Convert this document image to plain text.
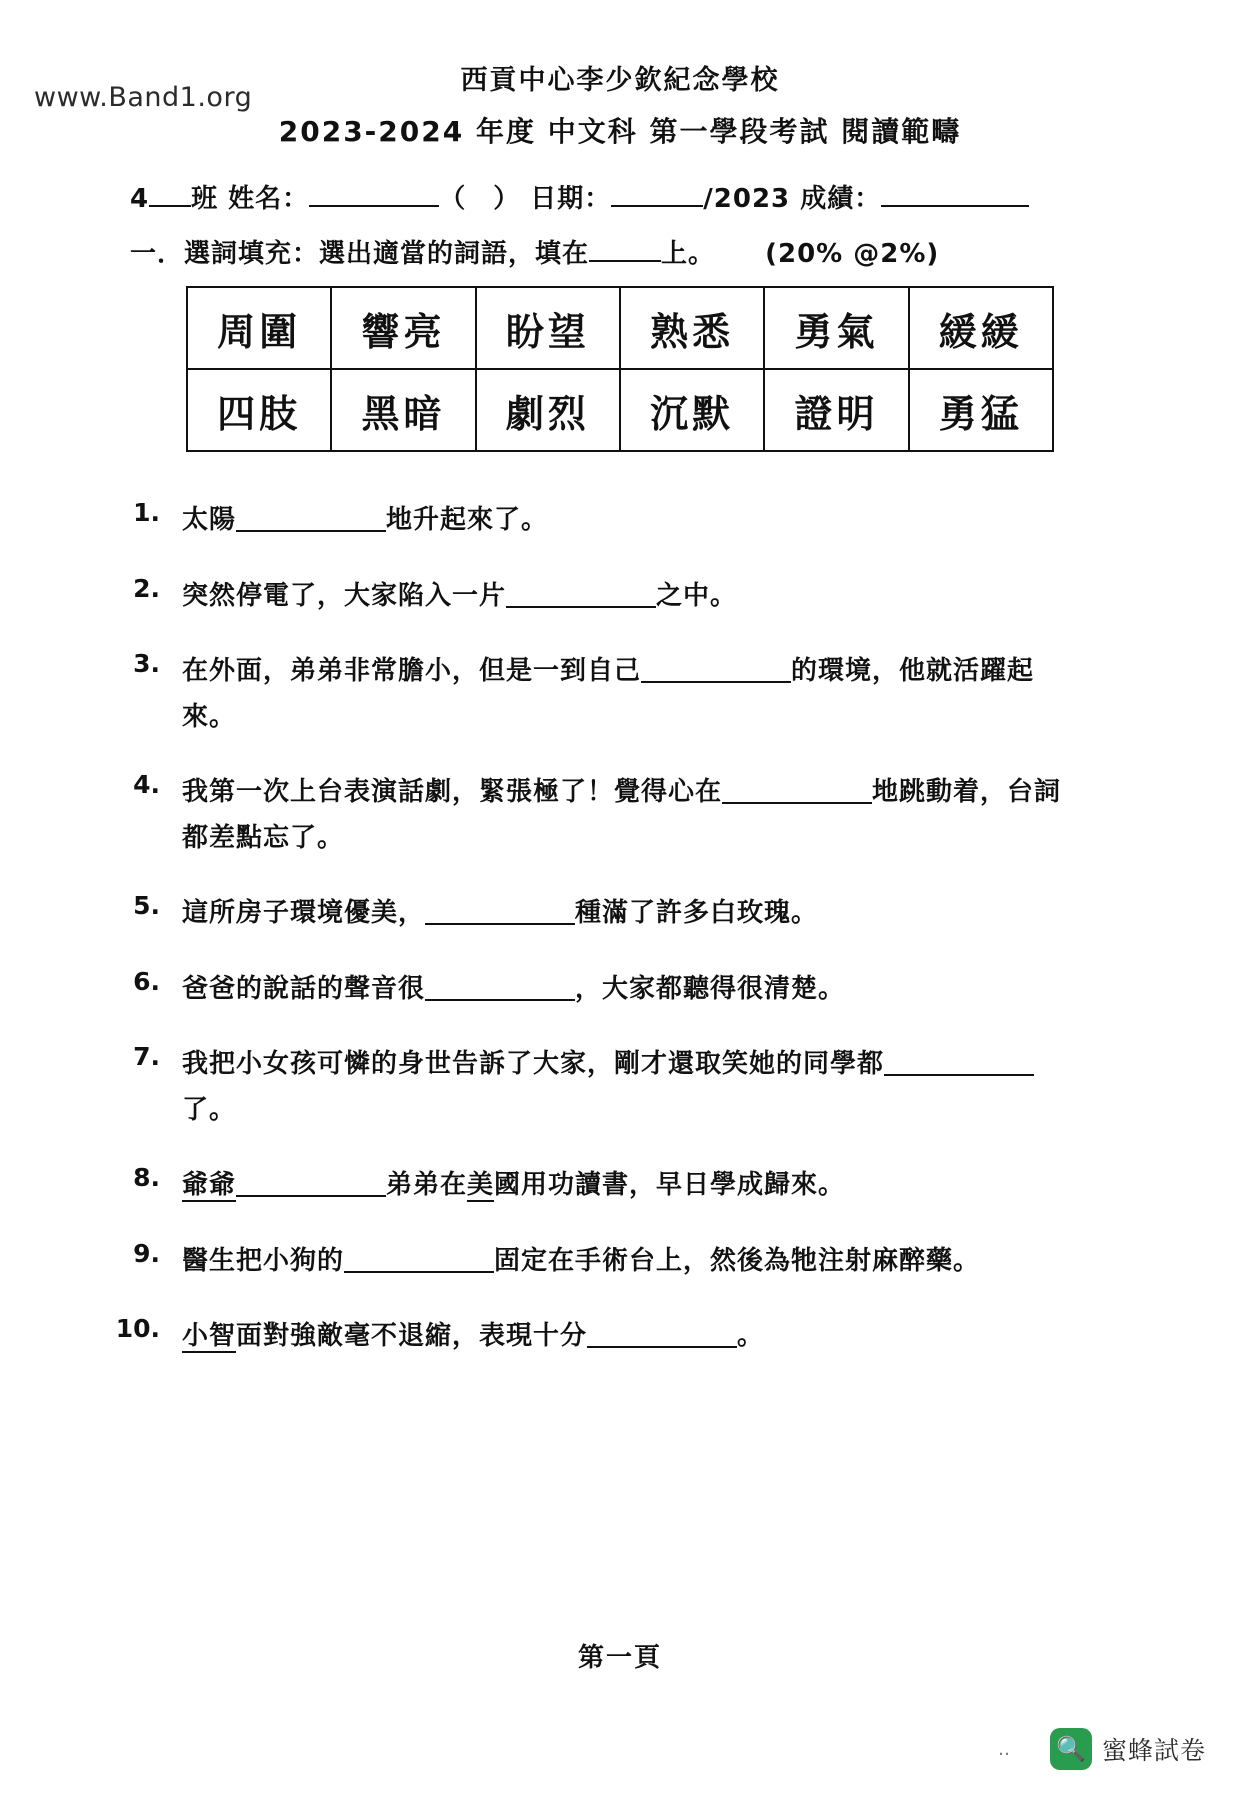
www.Band1.org
西貢中心李少欽紀念學校
2023-2024 年度 中文科 第一學段考試 閱讀範疇
4 班 姓名：	（　） 日期：	/2023 成績：
一．選詞填充：選出適當的詞語，填在	上。 (20% @2%)
周圍	響亮	盼望	熟悉	勇氣	緩緩
四肢	黑暗	劇烈	沉默	證明	勇猛
1. 太陽	地升起來了。
2. 突然停電了，大家陷入一片	之中。
3. 在外面，弟弟非常膽小，但是一到自己	的環境，他就活躍起來。
4. 我第一次上台表演話劇，緊張極了！覺得心在	地跳動着，台詞都差點忘了。
5. 這所房子環境優美，	種滿了許多白玫瑰。
6. 爸爸的說話的聲音很	，大家都聽得很清楚。
7. 我把小女孩可憐的身世告訴了大家，剛才還取笑她的同學都了。
8. 爺爺	弟弟在美國用功讀書，早日學成歸來。
9. 醫生把小狗的	固定在手術台上，然後為牠注射麻醉藥。
10. 小智面對強敵毫不退縮，表現十分	。
第一頁
‥ 🔍 蜜蜂試卷
